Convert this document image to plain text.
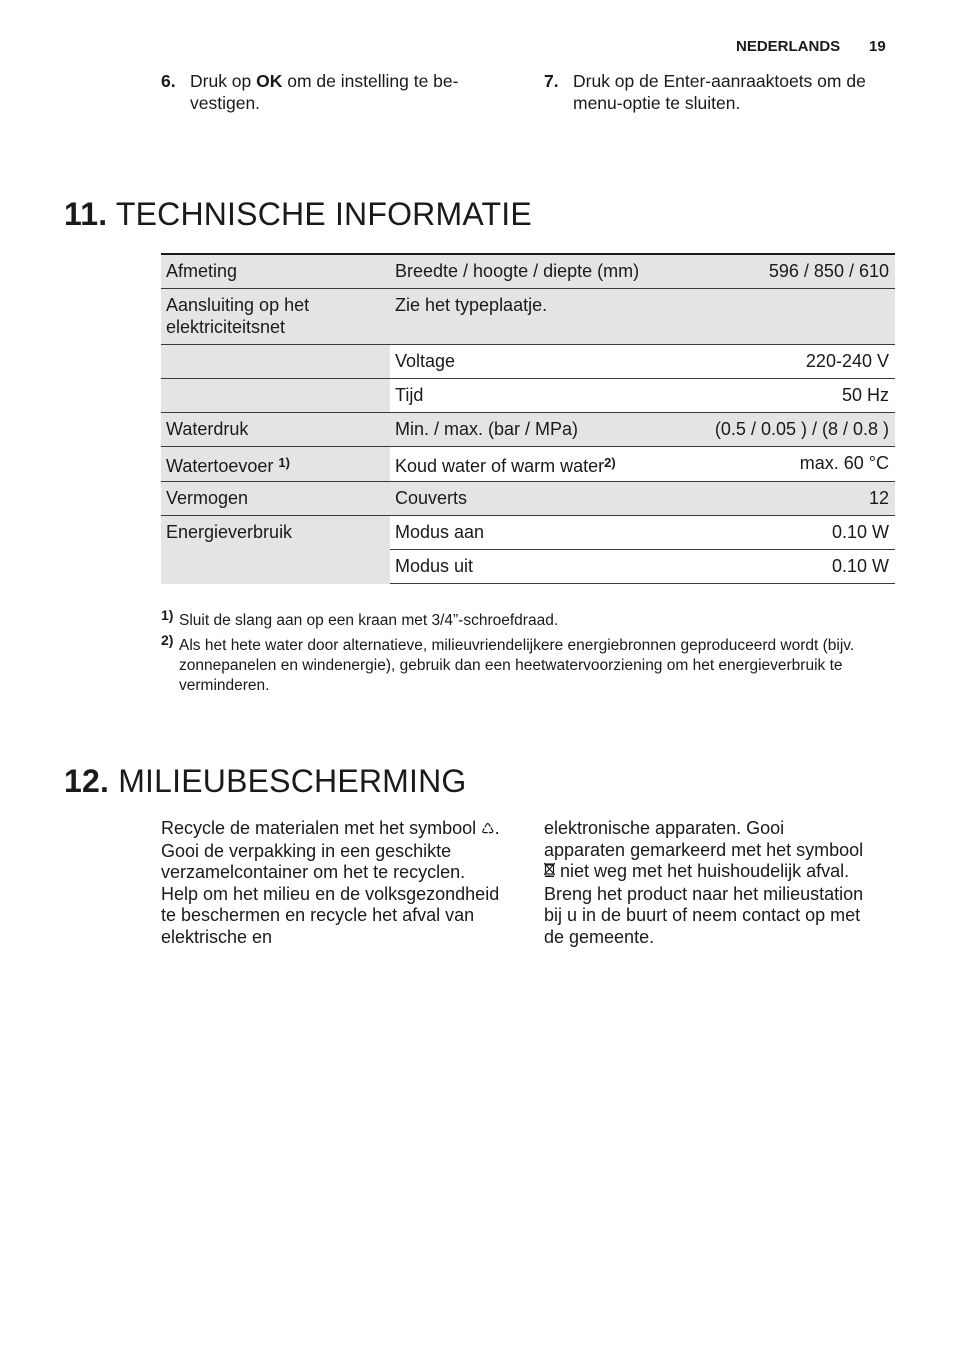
NEDERLANDS 19
6. Druk op OK om de instelling te be-vestigen.
7. Druk op de Enter-aanraaktoets om de menu-optie te sluiten.
11. TECHNISCHE INFORMATIE
Afmeting	Breedte / hoogte / diepte (mm)	596 / 850 / 610
Aansluiting op het elektriciteitsnet	Zie het typeplaatje.	
	Voltage	220-240 V
	Tijd	50 Hz
Waterdruk	Min. / max. (bar / MPa)	(0.5 / 0.05 ) / (8 / 0.8 )
Watertoevoer $^{1)}$	Koud water of warm water$^{2)}$	max. 60 °C
Vermogen	Couverts	12
Energieverbruik	Modus aan	0.10 W
	Modus uit	0.10 W
1) Sluit de slang aan op een kraan met 3/4”-schroefdraad.
2) Als het hete water door alternatieve, milieuvriendelijkere energiebronnen geproduceerd wordt (bijv. zonnepanelen en windenergie), gebruik dan een heetwatervoorziening om het energieverbruik te verminderen.
12. MILIEUBESCHERMING
Recycle de materialen met het symbool ♺. Gooi de verpakking in een geschikte verzamelcontainer om het te recyclen.
Help om het milieu en de volksgezondheid te beschermen en recycle het afval van elektrische en
elektronische apparaten. Gooi apparaten gemarkeerd met het symbool  niet weg met het huishoudelijk afval. Breng het product naar het milieustation bij u in de buurt of neem contact op met de gemeente.
